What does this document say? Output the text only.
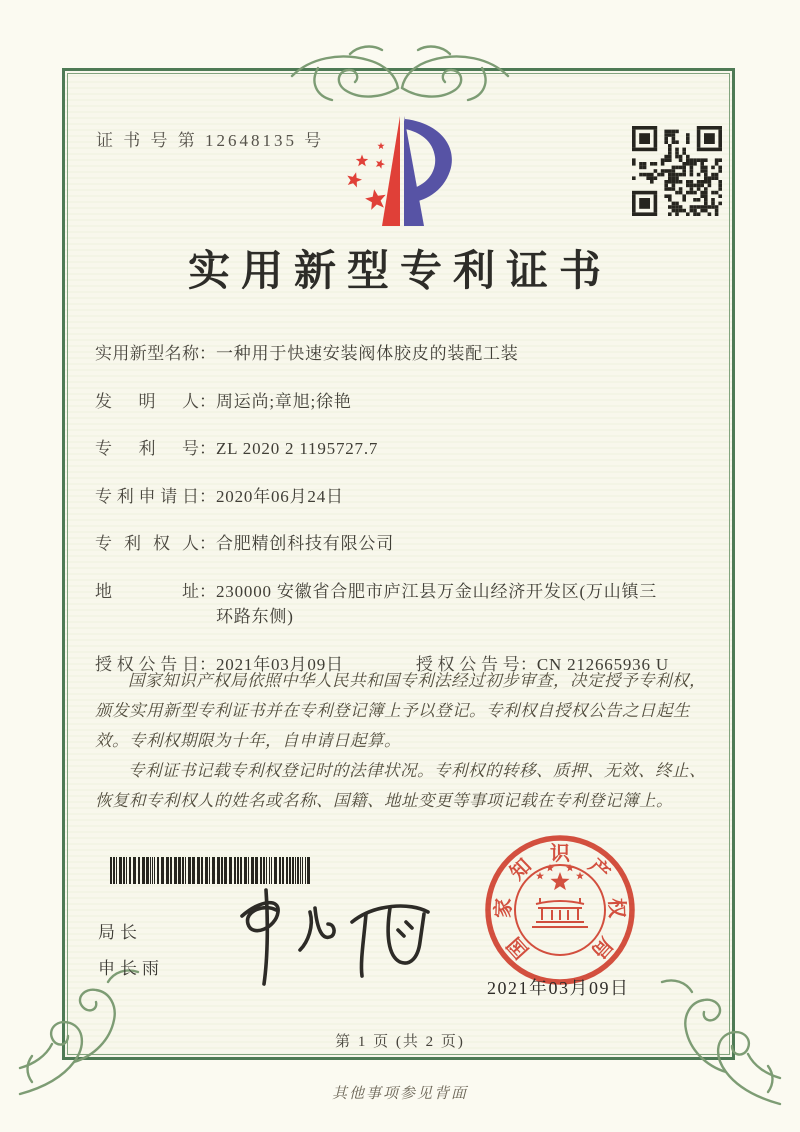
证 书 号 第 12648135 号
实用新型专利证书
实用新型名称 ： 一种用于快速安装阀体胶皮的装配工装
发明人 ： 周运尚;章旭;徐艳
专利号 ： ZL 2020 2 1195727.7
专利申请日 ： 2020年06月24日
专利权人 ： 合肥精创科技有限公司
地址 ： 230000 安徽省合肥市庐江县万金山经济开发区(万山镇三环路东侧)
授权公告日 ： 2021年03月09日	授权公告号 ： CN 212665936 U

国家知识产权局依照中华人民共和国专利法经过初步审查，决定授予专利权，颁发实用新型专利证书并在专利登记簿上予以登记。专利权自授权公告之日起生效。专利权期限为十年，自申请日起算。

专利证书记载专利权登记时的法律状况。专利权的转移、质押、无效、终止、恢复和专利权人的姓名或名称、国籍、地址变更等事项记载在专利登记簿上。

局长
申长雨
国
家
知
识
产
权
局
2021年03月09日
第 1 页 (共 2 页)
其他事项参见背面
